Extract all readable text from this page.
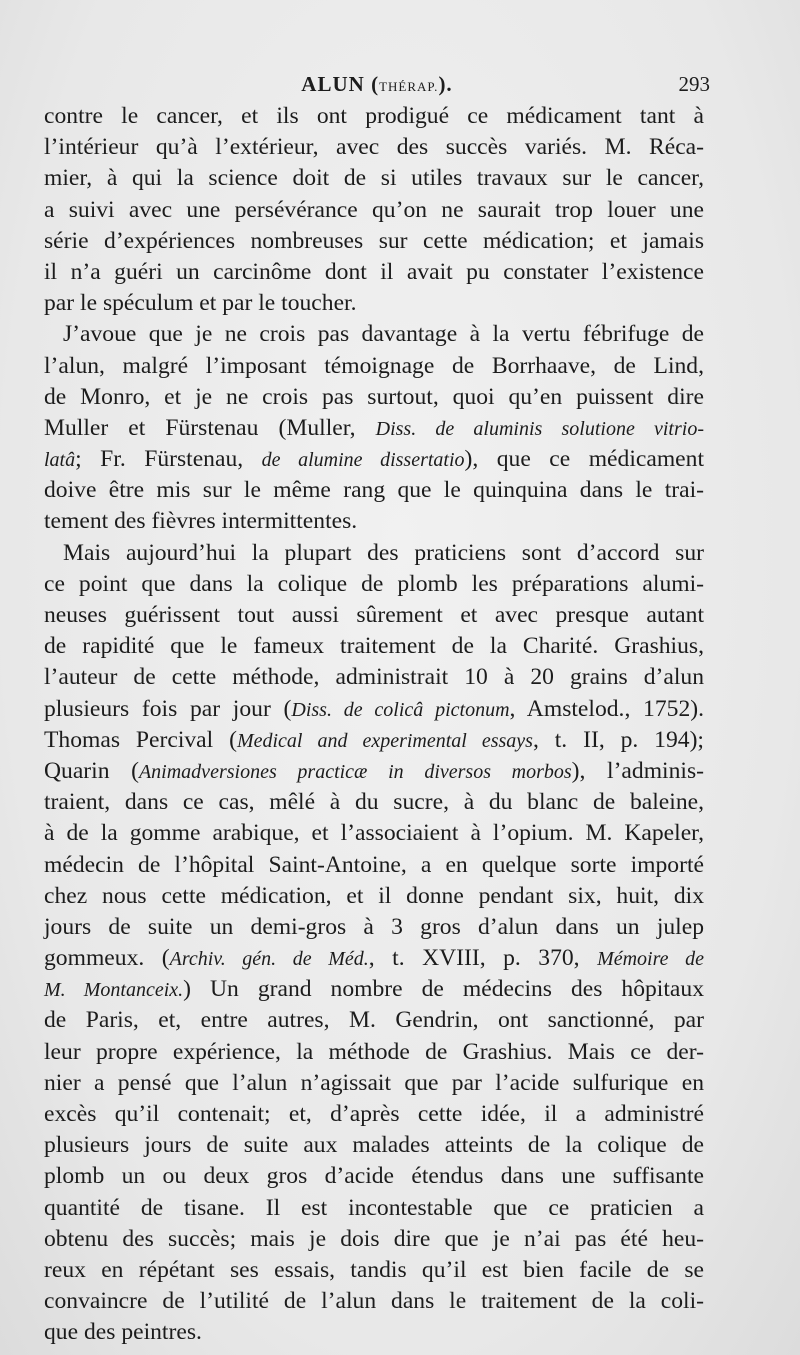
ALUN (THÉRAP.).	293
contre le cancer, et ils ont prodigué ce médicament tant à
l’intérieur qu’à l’extérieur, avec des succès variés. M. Réca-
mier, à qui la science doit de si utiles travaux sur le cancer,
a suivi avec une persévérance qu’on ne saurait trop louer une
série d’expériences nombreuses sur cette médication; et jamais
il n’a guéri un carcinôme dont il avait pu constater l’existence
par le spéculum et par le toucher.
J’avoue que je ne crois pas davantage à la vertu fébrifuge de
l’alun, malgré l’imposant témoignage de Borrhaave, de Lind,
de Monro, et je ne crois pas surtout, quoi qu’en puissent dire
Muller et Fürstenau (Muller, Diss. de aluminis solutione vitrio-
latâ; Fr. Fürstenau, de alumine dissertatio), que ce médicament
doive être mis sur le même rang que le quinquina dans le trai-
tement des fièvres intermittentes.
Mais aujourd’hui la plupart des praticiens sont d’accord sur
ce point que dans la colique de plomb les préparations alumi-
neuses guérissent tout aussi sûrement et avec presque autant
de rapidité que le fameux traitement de la Charité. Grashius,
l’auteur de cette méthode, administrait 10 à 20 grains d’alun
plusieurs fois par jour (Diss. de colicâ pictonum, Amstelod., 1752).
Thomas Percival (Medical and experimental essays, t. II, p. 194);
Quarin (Animadversiones practicæ in diversos morbos), l’adminis-
traient, dans ce cas, mêlé à du sucre, à du blanc de baleine,
à de la gomme arabique, et l’associaient à l’opium. M. Kapeler,
médecin de l’hôpital Saint-Antoine, a en quelque sorte importé
chez nous cette médication, et il donne pendant six, huit, dix
jours de suite un demi-gros à 3 gros d’alun dans un julep
gommeux. (Archiv. gén. de Méd., t. XVIII, p. 370, Mémoire de
M. Montanceix.) Un grand nombre de médecins des hôpitaux
de Paris, et, entre autres, M. Gendrin, ont sanctionné, par
leur propre expérience, la méthode de Grashius. Mais ce der-
nier a pensé que l’alun n’agissait que par l’acide sulfurique en
excès qu’il contenait; et, d’après cette idée, il a administré
plusieurs jours de suite aux malades atteints de la colique de
plomb un ou deux gros d’acide étendus dans une suffisante
quantité de tisane. Il est incontestable que ce praticien a
obtenu des succès; mais je dois dire que je n’ai pas été heu-
reux en répétant ses essais, tandis qu’il est bien facile de se
convaincre de l’utilité de l’alun dans le traitement de la coli-
que des peintres.
